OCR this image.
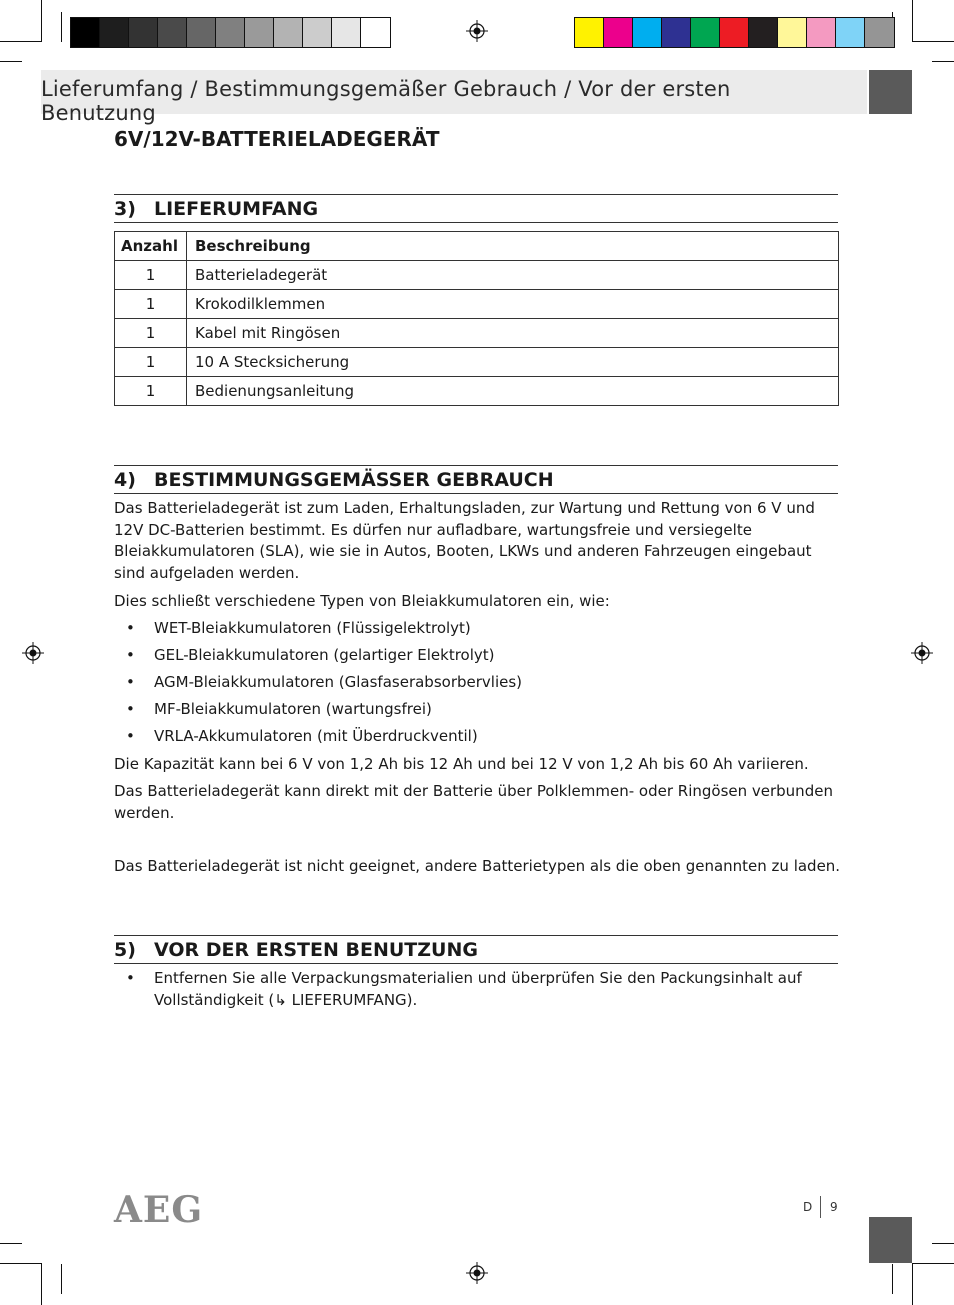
Lieferumfang / Bestimmungsgemäßer Gebrauch / Vor der ersten Benutzung
6V/12V-BATTERIELADEGERÄT
3) LIEFERUMFANG
Anzahl	Beschreibung
1	Batterieladegerät
1	Krokodilklemmen
1	Kabel mit Ringösen
1	10 A Stecksicherung
1	Bedienungsanleitung
4) BESTIMMUNGSGEMÄSSER GEBRAUCH
Das Batterieladegerät ist zum Laden, Erhaltungsladen, zur Wartung und Rettung von 6 V und 12V DC-Batterien bestimmt. Es dürfen nur aufladbare, wartungsfreie und versiegelte Bleiakkumulatoren (SLA), wie sie in Autos, Booten, LKWs und anderen Fahrzeugen eingebaut sind aufgeladen werden.
Dies schließt verschiedene Typen von Bleiakkumulatoren ein, wie:
• WET-Bleiakkumulatoren (Flüssigelektrolyt)
• GEL-Bleiakkumulatoren (gelartiger Elektrolyt)
• AGM-Bleiakkumulatoren (Glasfaserabsorbervlies)
• MF-Bleiakkumulatoren (wartungsfrei)
• VRLA-Akkumulatoren (mit Überdruckventil)
Die Kapazität kann bei 6 V von 1,2 Ah bis 12 Ah und bei 12 V von 1,2 Ah bis 60 Ah variieren.
Das Batterieladegerät kann direkt mit der Batterie über Polklemmen- oder Ringösen verbunden werden.
Das Batterieladegerät ist nicht geeignet, andere Batterietypen als die oben genannten zu laden.
5) VOR DER ERSTEN BENUTZUNG
• Entfernen Sie alle Verpackungsmaterialien und überprüfen Sie den Packungsinhalt auf Vollständigkeit (↳ LIEFERUMFANG).
AEG	D 9
